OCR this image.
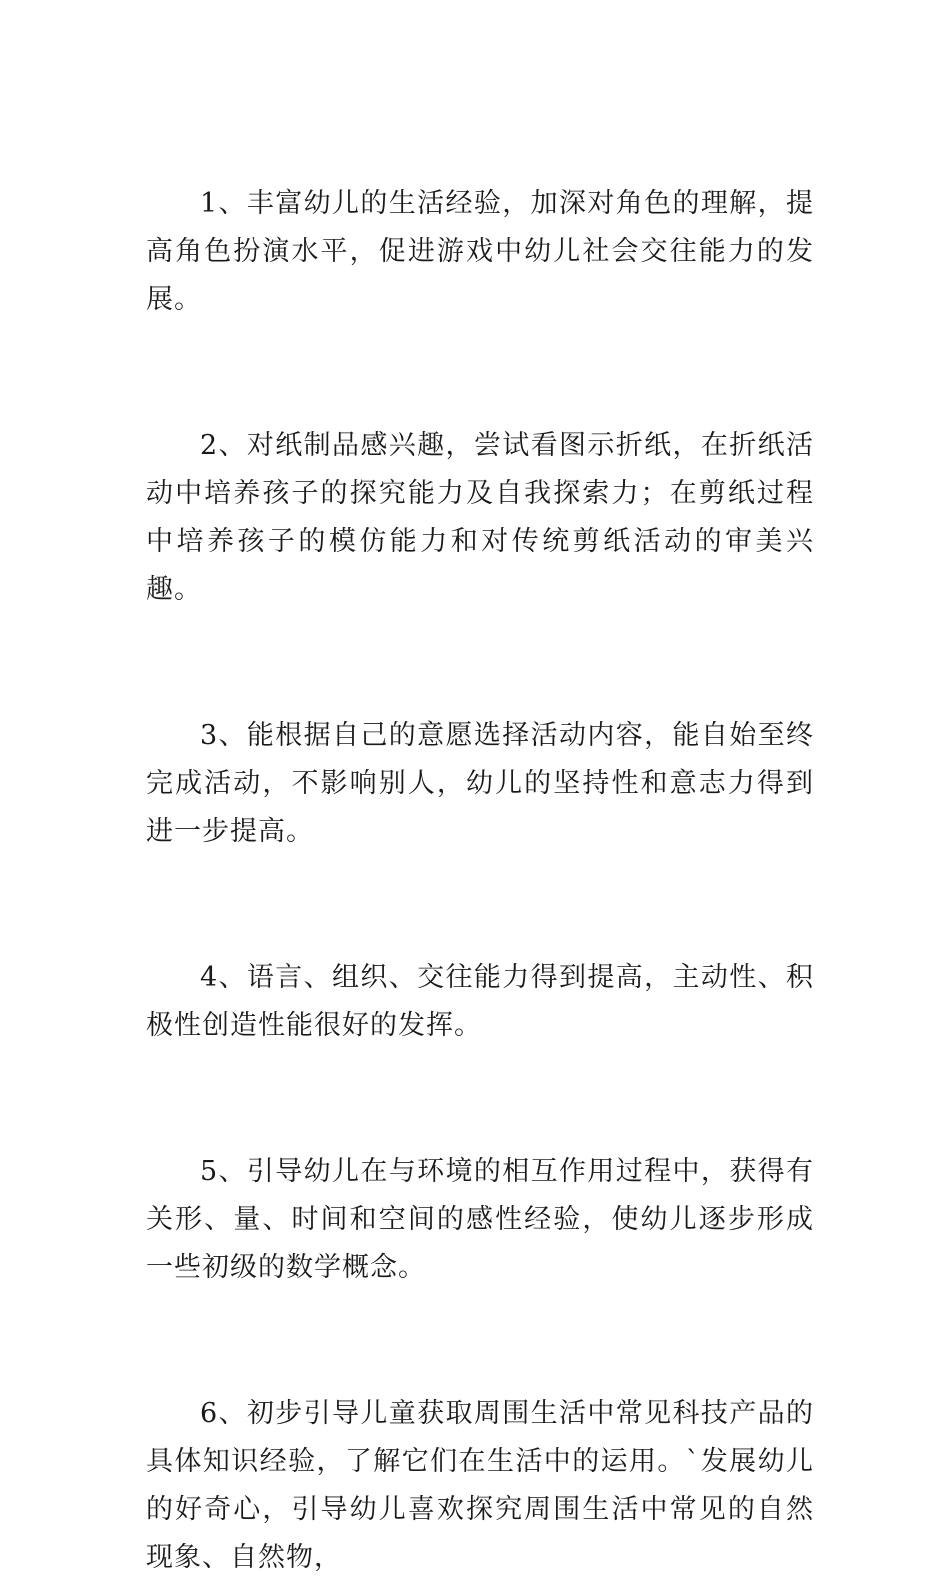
1、丰富幼儿的生活经验，加深对角色的理解，提高角色扮演水平，促进游戏中幼儿社会交往能力的发展。

2、对纸制品感兴趣，尝试看图示折纸，在折纸活动中培养孩子的探究能力及自我探索力；在剪纸过程中培养孩子的模仿能力和对传统剪纸活动的审美兴趣。

3、能根据自己的意愿选择活动内容，能自始至终完成活动，不影响别人，幼儿的坚持性和意志力得到进一步提高。

4、语言、组织、交往能力得到提高，主动性、积极性创造性能很好的发挥。

5、引导幼儿在与环境的相互作用过程中，获得有关形、量、时间和空间的感性经验，使幼儿逐步形成一些初级的数学概念。

6、初步引导儿童获取周围生活中常见科技产品的具体知识经验，了解它们在生活中的运用。`发展幼儿的好奇心，引导幼儿喜欢探究周围生活中常见的自然现象、自然物，
